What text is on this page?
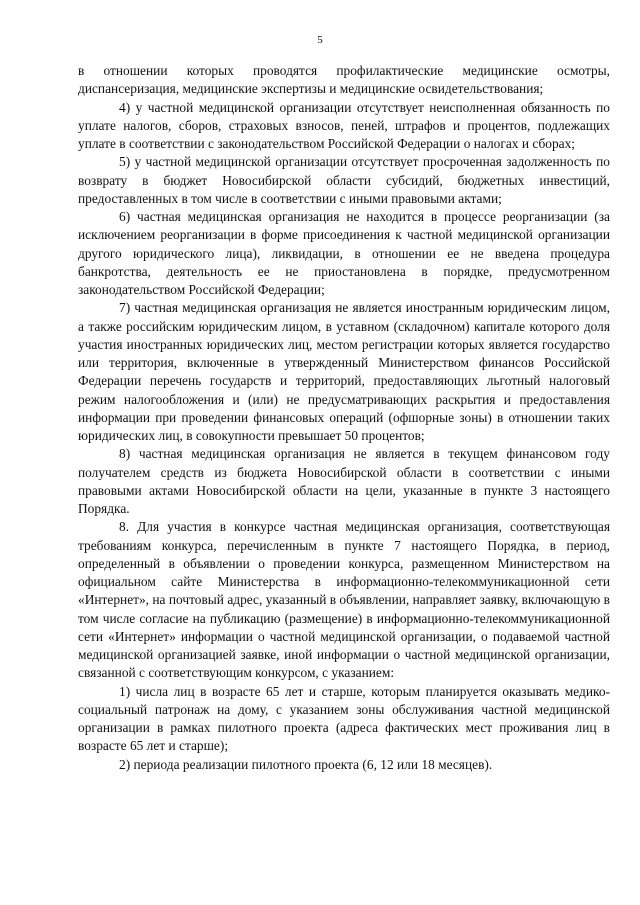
5

в отношении которых проводятся профилактические медицинские осмотры, диспансеризация, медицинские экспертизы и медицинские освидетельствования;

4) у частной медицинской организации отсутствует неисполненная обязанность по уплате налогов, сборов, страховых взносов, пеней, штрафов и процентов, подлежащих уплате в соответствии с законодательством Российской Федерации о налогах и сборах;

5) у частной медицинской организации отсутствует просроченная задолженность по возврату в бюджет Новосибирской области субсидий, бюджетных инвестиций, предоставленных в том числе в соответствии с иными правовыми актами;

6) частная медицинская организация не находится в процессе реорганизации (за исключением реорганизации в форме присоединения к частной медицинской организации другого юридического лица), ликвидации, в отношении ее не введена процедура банкротства, деятельность ее не приостановлена в порядке, предусмотренном законодательством Российской Федерации;

7) частная медицинская организация не является иностранным юридическим лицом, а также российским юридическим лицом, в уставном (складочном) капитале которого доля участия иностранных юридических лиц, местом регистрации которых является государство или территория, включенные в утвержденный Министерством финансов Российской Федерации перечень государств и территорий, предоставляющих льготный налоговый режим налогообложения и (или) не предусматривающих раскрытия и предоставления информации при проведении финансовых операций (офшорные зоны) в отношении таких юридических лиц, в совокупности превышает 50 процентов;

8) частная медицинская организация не является в текущем финансовом году получателем средств из бюджета Новосибирской области в соответствии с иными правовыми актами Новосибирской области на цели, указанные в пункте 3 настоящего Порядка.

8. Для участия в конкурсе частная медицинская организация, соответствующая требованиям конкурса, перечисленным в пункте 7 настоящего Порядка, в период, определенный в объявлении о проведении конкурса, размещенном Министерством на официальном сайте Министерства в информационно-телекоммуникационной сети «Интернет», на почтовый адрес, указанный в объявлении, направляет заявку, включающую в том числе согласие на публикацию (размещение) в информационно-телекоммуникационной сети «Интернет» информации о частной медицинской организации, о подаваемой частной медицинской организацией заявке, иной информации о частной медицинской организации, связанной с соответствующим конкурсом, с указанием:

1) числа лиц в возрасте 65 лет и старше, которым планируется оказывать медико-социальный патронаж на дому, с указанием зоны обслуживания частной медицинской организации в рамках пилотного проекта (адреса фактических мест проживания лиц в возрасте 65 лет и старше);

2) периода реализации пилотного проекта (6, 12 или 18 месяцев).
